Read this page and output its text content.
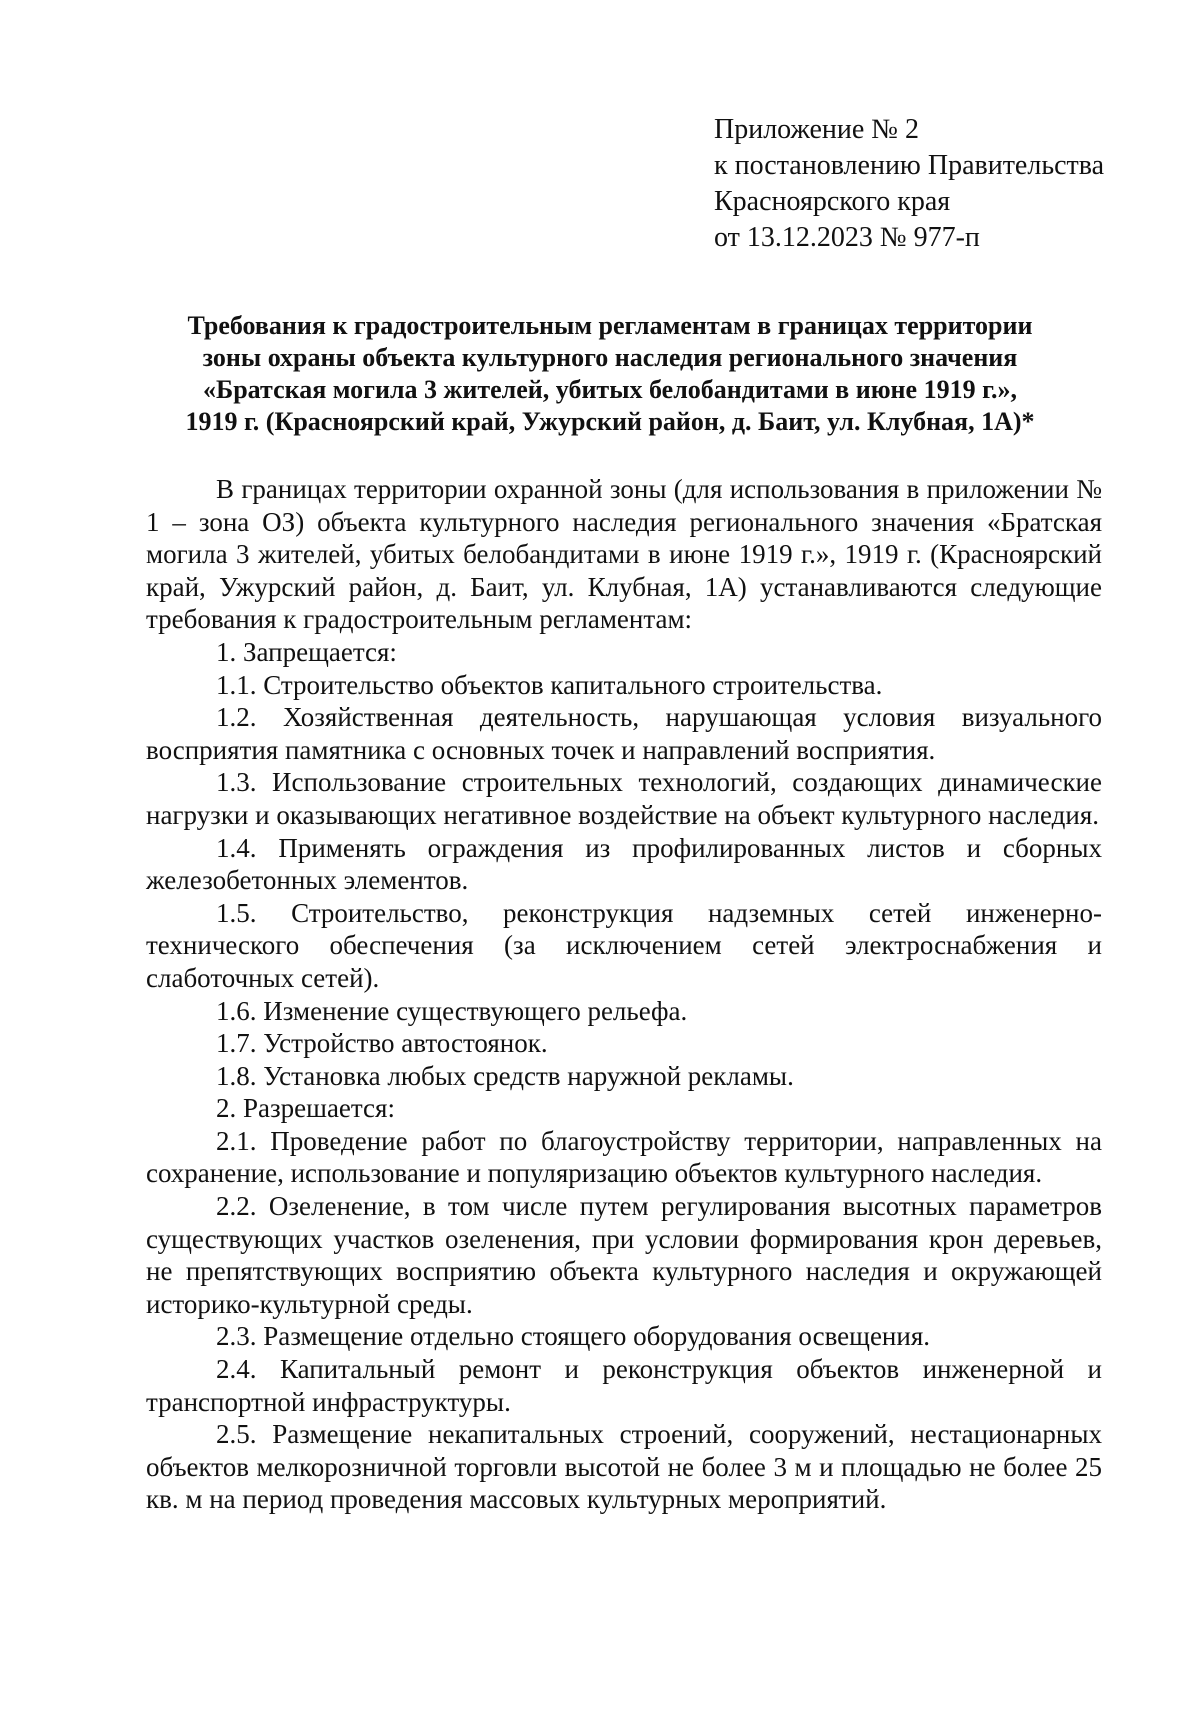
Приложение № 2
к постановлению Правительства
Красноярского края
от 13.12.2023 № 977-п
Требования к градостроительным регламентам в границах территории
зоны охраны объекта культурного наследия регионального значения
«Братская могила 3 жителей, убитых белобандитами в июне 1919 г.»,
1919 г. (Красноярский край, Ужурский район, д. Баит, ул. Клубная, 1А)*

В границах территории охранной зоны (для использования в приложении № 1 – зона ОЗ) объекта культурного наследия регионального значения «Братская могила 3 жителей, убитых белобандитами в июне 1919 г.», 1919 г. (Красноярский край, Ужурский район, д. Баит, ул. Клубная, 1А) устанавливаются следующие требования к градостроительным регламентам:

1. Запрещается:

1.1. Строительство объектов капитального строительства.

1.2. Хозяйственная деятельность, нарушающая условия визуального восприятия памятника с основных точек и направлений восприятия.

1.3. Использование строительных технологий, создающих динамические нагрузки и оказывающих негативное воздействие на объект культурного наследия.

1.4. Применять ограждения из профилированных листов и сборных железобетонных элементов.

1.5. Строительство, реконструкция надземных сетей инженерно-технического обеспечения (за исключением сетей электроснабжения и слаботочных сетей).

1.6. Изменение существующего рельефа.

1.7. Устройство автостоянок.

1.8. Установка любых средств наружной рекламы.

2. Разрешается:

2.1. Проведение работ по благоустройству территории, направленных на сохранение, использование и популяризацию объектов культурного наследия.

2.2. Озеленение, в том числе путем регулирования высотных параметров существующих участков озеленения, при условии формирования крон деревьев, не препятствующих восприятию объекта культурного наследия и окружающей историко-культурной среды.

2.3. Размещение отдельно стоящего оборудования освещения.

2.4. Капитальный ремонт и реконструкция объектов инженерной и транспортной инфраструктуры.

2.5. Размещение некапитальных строений, сооружений, нестационарных объектов мелкорозничной торговли высотой не более 3 м и площадью не более 25 кв. м на период проведения массовых культурных мероприятий.
